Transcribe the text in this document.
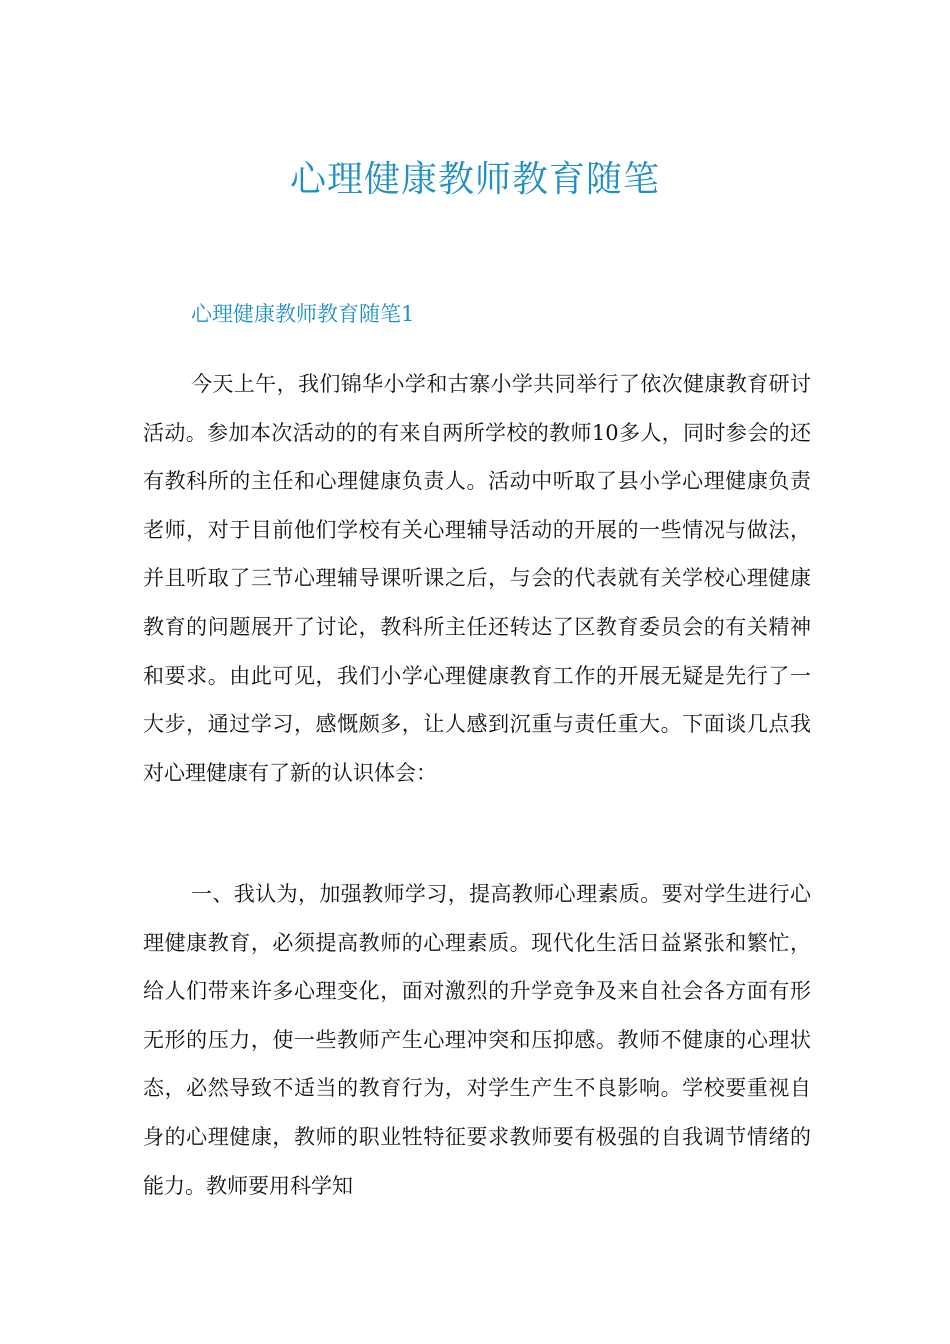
心理健康教师教育随笔
心理健康教师教育随笔1

今天上午，我们锦华小学和古寨小学共同举行了依次健康教育研讨活动。参加本次活动的的有来自两所学校的教师10多人，同时参会的还有教科所的主任和心理健康负责人。活动中听取了县小学心理健康负责老师，对于目前他们学校有关心理辅导活动的开展的一些情况与做法，并且听取了三节心理辅导课听课之后，与会的代表就有关学校心理健康教育的问题展开了讨论，教科所主任还转达了区教育委员会的有关精神和要求。由此可见，我们小学心理健康教育工作的开展无疑是先行了一大步，通过学习，感慨颇多，让人感到沉重与责任重大。下面谈几点我对心理健康有了新的认识体会：

一、我认为，加强教师学习，提高教师心理素质。要对学生进行心理健康教育，必须提高教师的心理素质。现代化生活日益紧张和繁忙，给人们带来许多心理变化，面对激烈的升学竞争及来自社会各方面有形无形的压力，使一些教师产生心理冲突和压抑感。教师不健康的心理状态，必然导致不适当的教育行为，对学生产生不良影响。学校要重视自身的心理健康，教师的职业牲特征要求教师要有极强的自我调节情绪的能力。教师要用科学知
